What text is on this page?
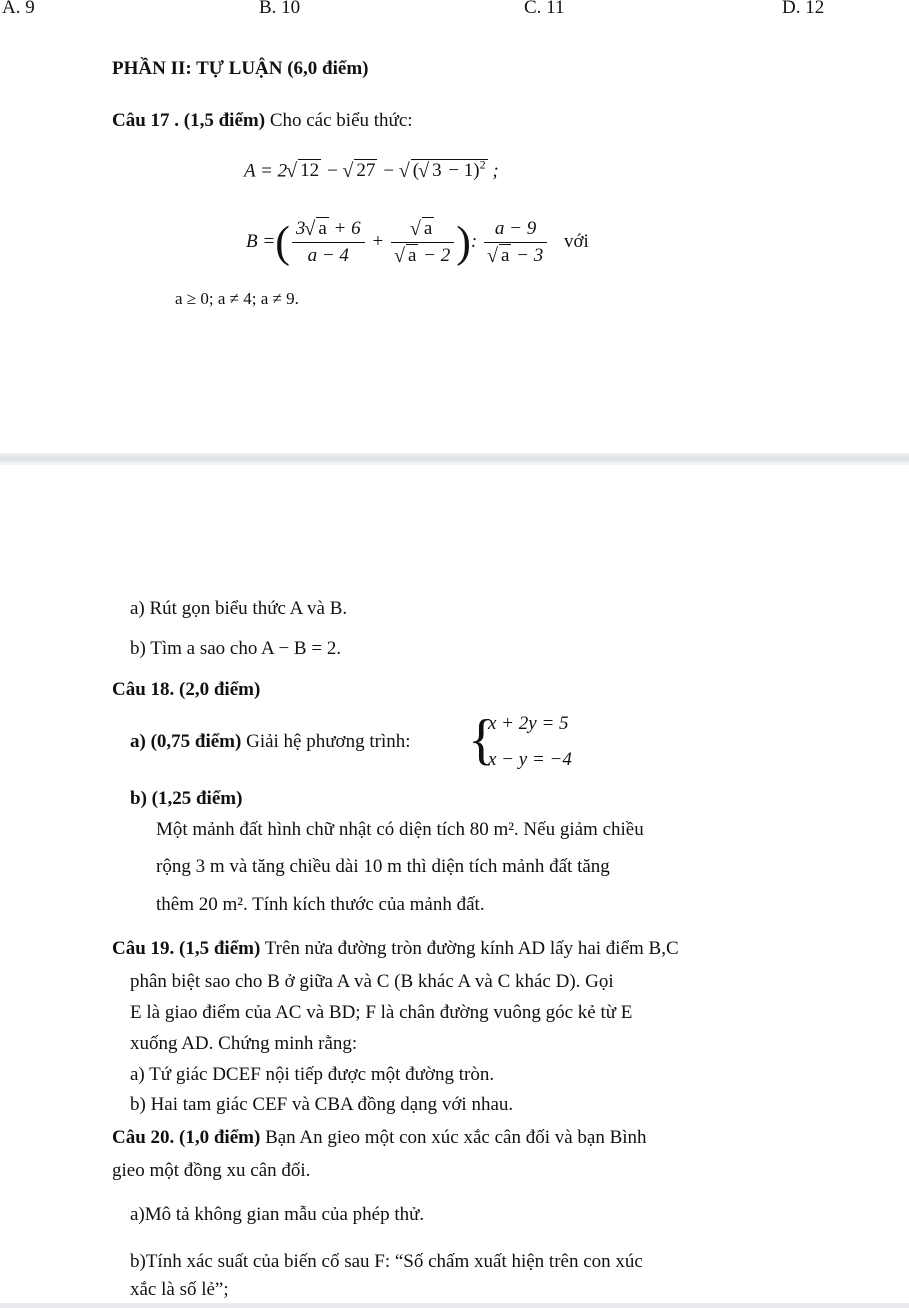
A. 9	B. 10	C. 11	D. 12
PHẦN II: TỰ LUẬN (6,0 điểm)
Câu 17 . (1,5 điểm) Cho các biểu thức:
A = 2 √ 12 − √ 27 − √ ( √ 3 − 1)$^2$ ;
B =( $\frac{3 √ a + 6}{a - 4}$ + √ a
√ a − 2 ): a − 9
√ a − 3 với
a ≥ 0; a ≠ 4; a ≠ 9.
a) Rút gọn biểu thức A và B.
b) Tìm a sao cho A − B = 2.
Câu 18. (2,0 điểm)
a) (0,75 điểm) Giải hệ phương trình: {
x + 2y = 5
x − y = −4
b) (1,25 điểm)
Một mảnh đất hình chữ nhật có diện tích 80 m². Nếu giảm chiều
rộng 3 m và tăng chiều dài 10 m thì diện tích mảnh đất tăng
thêm 20 m². Tính kích thước của mảnh đất.
Câu 19. (1,5 điểm) Trên nửa đường tròn đường kính AD lấy hai điểm B,C
phân biệt sao cho B ở giữa A và C (B khác A và C khác D). Gọi
E là giao điểm của AC và BD; F là chân đường vuông góc kẻ từ E
xuống AD. Chứng minh rằng:
a) Tứ giác DCEF nội tiếp được một đường tròn.
b) Hai tam giác CEF và CBA đồng dạng với nhau.
Câu 20. (1,0 điểm) Bạn An gieo một con xúc xắc cân đối và bạn Bình
gieo một đồng xu cân đối.
a)Mô tả không gian mẫu của phép thử.
b)Tính xác suất của biến cố sau F: “Số chấm xuất hiện trên con xúc
xắc là số lẻ”;
